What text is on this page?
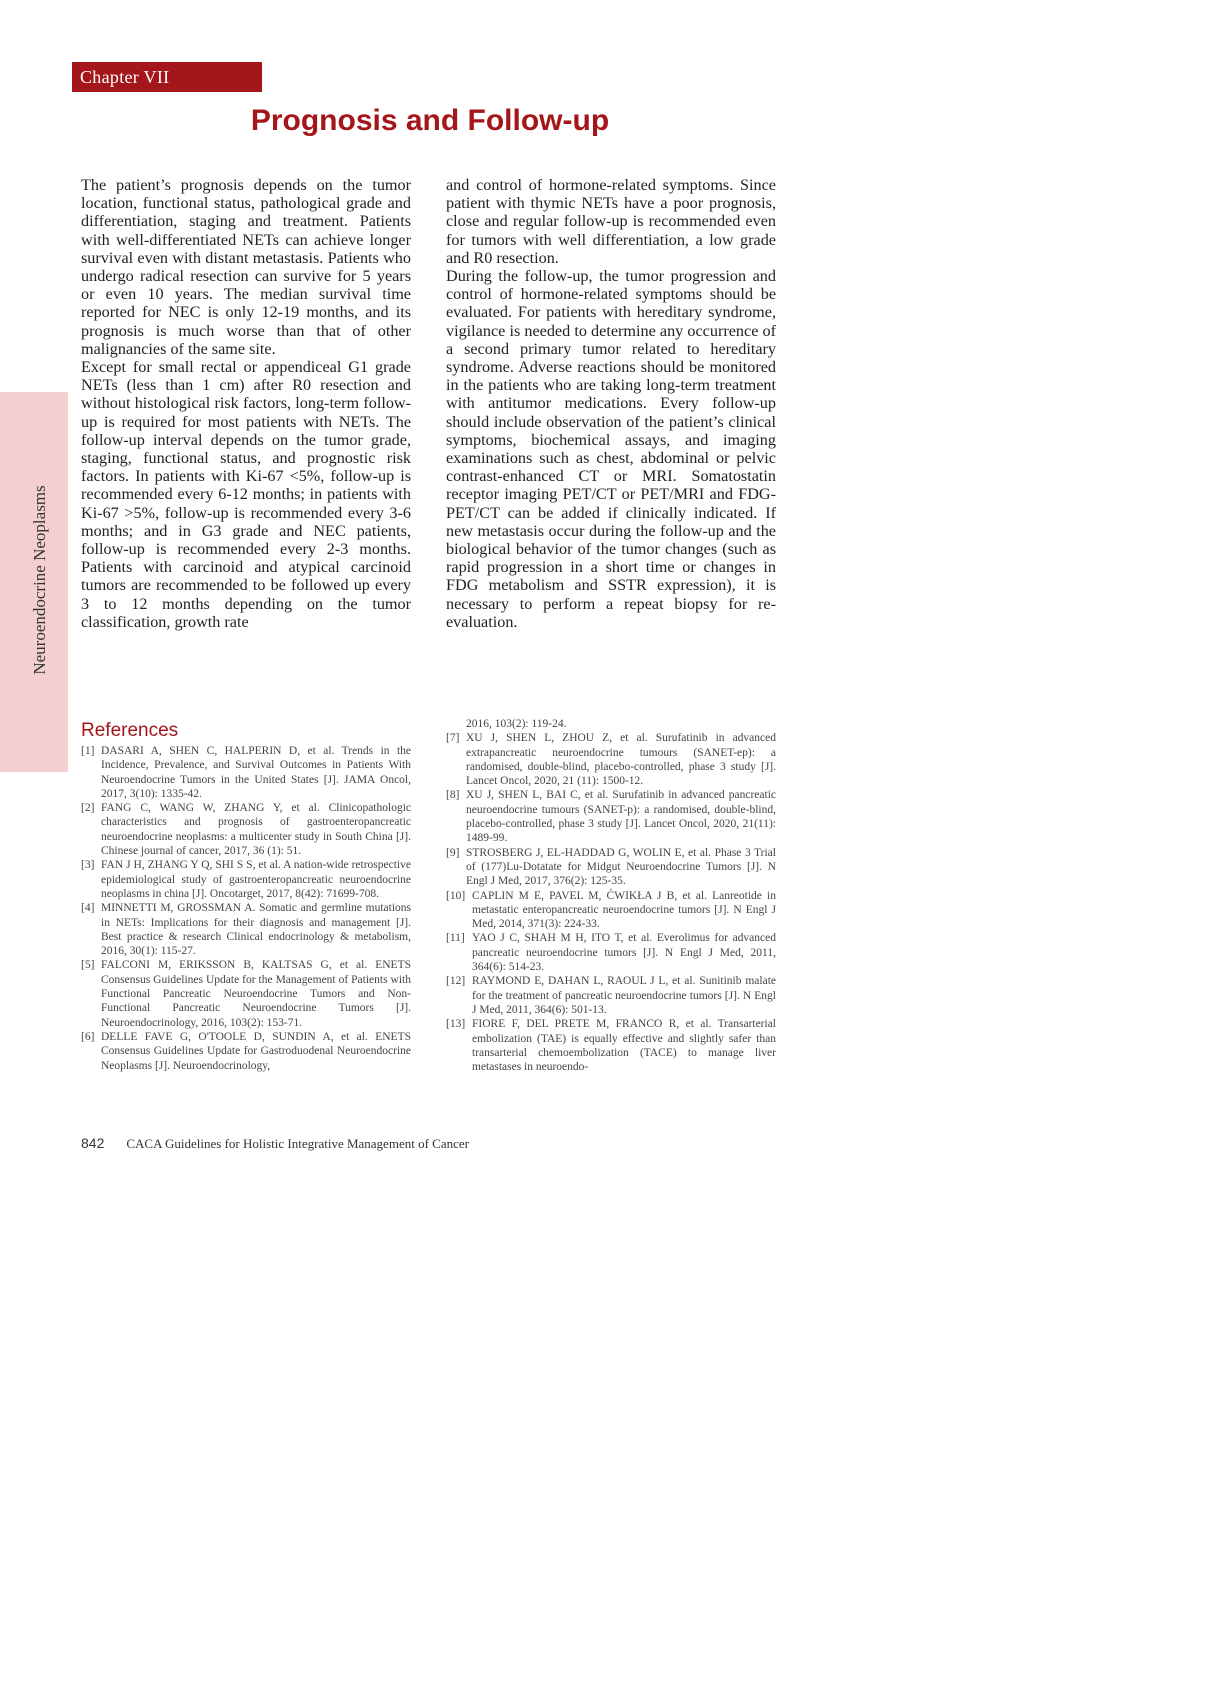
Chapter VII
Prognosis and Follow-up
Neuroendocrine Neoplasms

The patient’s prognosis depends on the tumor location, functional status, pathological grade and differentiation, staging and treatment. Patients with well-differentiated NETs can achieve longer survival even with distant metastasis. Patients who undergo radical resection can survive for 5 years or even 10 years. The median survival time reported for NEC is only 12-19 months, and its prognosis is much worse than that of other malignancies of the same site.

Except for small rectal or appendiceal G1 grade NETs (less than 1 cm) after R0 resection and without histological risk factors, long-term follow-up is required for most patients with NETs. The follow-up interval depends on the tumor grade, staging, functional status, and prognostic risk factors. In patients with Ki-67 <5%, follow-up is recommended every 6-12 months; in patients with Ki-67 >5%, follow-up is recommended every 3-6 months; and in G3 grade and NEC patients, follow-up is recommended every 2-3 months. Patients with carcinoid and atypical carcinoid tumors are recommended to be followed up every 3 to 12 months depending on the tumor classification, growth rate

and control of hormone-related symptoms. Since patient with thymic NETs have a poor prognosis, close and regular follow-up is recommended even for tumors with well differentiation, a low grade and R0 resection.

During the follow-up, the tumor progression and control of hormone-related symptoms should be evaluated. For patients with hereditary syndrome, vigilance is needed to determine any occurrence of a second primary tumor related to hereditary syndrome. Adverse reactions should be monitored in the patients who are taking long-term treatment with antitumor medications. Every follow-up should include observation of the patient’s clinical symptoms, biochemical assays, and imaging examinations such as chest, abdominal or pelvic contrast-enhanced CT or MRI. Somatostatin receptor imaging PET/CT or PET/MRI and FDG-PET/CT can be added if clinically indicated. If new metastasis occur during the follow-up and the biological behavior of the tumor changes (such as rapid progression in a short time or changes in FDG metabolism and SSTR expression), it is necessary to perform a repeat biopsy for re-evaluation.

References
[1] DASARI A, SHEN C, HALPERIN D, et al. Trends in the Incidence, Prevalence, and Survival Outcomes in Patients With Neuroendocrine Tumors in the United States [J]. JAMA Oncol, 2017, 3(10): 1335-42.
[2] FANG C, WANG W, ZHANG Y, et al. Clinicopathologic characteristics and prognosis of gastroenteropancreatic neuroendocrine neoplasms: a multicenter study in South China [J]. Chinese journal of cancer, 2017, 36 (1): 51.
[3] FAN J H, ZHANG Y Q, SHI S S, et al. A nation-wide retrospective epidemiological study of gastroenteropancreatic neuroendocrine neoplasms in china [J]. Oncotarget, 2017, 8(42): 71699-708.
[4] MINNETTI M, GROSSMAN A. Somatic and germline mutations in NETs: Implications for their diagnosis and management [J]. Best practice & research Clinical endocrinology & metabolism, 2016, 30(1): 115-27.
[5] FALCONI M, ERIKSSON B, KALTSAS G, et al. ENETS Consensus Guidelines Update for the Management of Patients with Functional Pancreatic Neuroendocrine Tumors and Non-Functional Pancreatic Neuroendocrine Tumors [J]. Neuroendocrinology, 2016, 103(2): 153-71.
[6] DELLE FAVE G, O'TOOLE D, SUNDIN A, et al. ENETS Consensus Guidelines Update for Gastroduodenal Neuroendocrine Neoplasms [J]. Neuroendocrinology,
2016, 103(2): 119-24.
[7] XU J, SHEN L, ZHOU Z, et al. Surufatinib in advanced extrapancreatic neuroendocrine tumours (SANET-ep): a randomised, double-blind, placebo-controlled, phase 3 study [J]. Lancet Oncol, 2020, 21 (11): 1500-12.
[8] XU J, SHEN L, BAI C, et al. Surufatinib in advanced pancreatic neuroendocrine tumours (SANET-p): a randomised, double-blind, placebo-controlled, phase 3 study [J]. Lancet Oncol, 2020, 21(11): 1489-99.
[9] STROSBERG J, EL-HADDAD G, WOLIN E, et al. Phase 3 Trial of (177)Lu-Dotatate for Midgut Neuroendocrine Tumors [J]. N Engl J Med, 2017, 376(2): 125-35.
[10] CAPLIN M E, PAVEL M, ĆWIKŁA J B, et al. Lanreotide in metastatic enteropancreatic neuroendocrine tumors [J]. N Engl J Med, 2014, 371(3): 224-33.
[11] YAO J C, SHAH M H, ITO T, et al. Everolimus for advanced pancreatic neuroendocrine tumors [J]. N Engl J Med, 2011, 364(6): 514-23.
[12] RAYMOND E, DAHAN L, RAOUL J L, et al. Sunitinib malate for the treatment of pancreatic neuroendocrine tumors [J]. N Engl J Med, 2011, 364(6): 501-13.
[13] FIORE F, DEL PRETE M, FRANCO R, et al. Transarterial embolization (TAE) is equally effective and slightly safer than transarterial chemoembolization (TACE) to manage liver metastases in neuroendo-
842 CACA Guidelines for Holistic Integrative Management of Cancer
